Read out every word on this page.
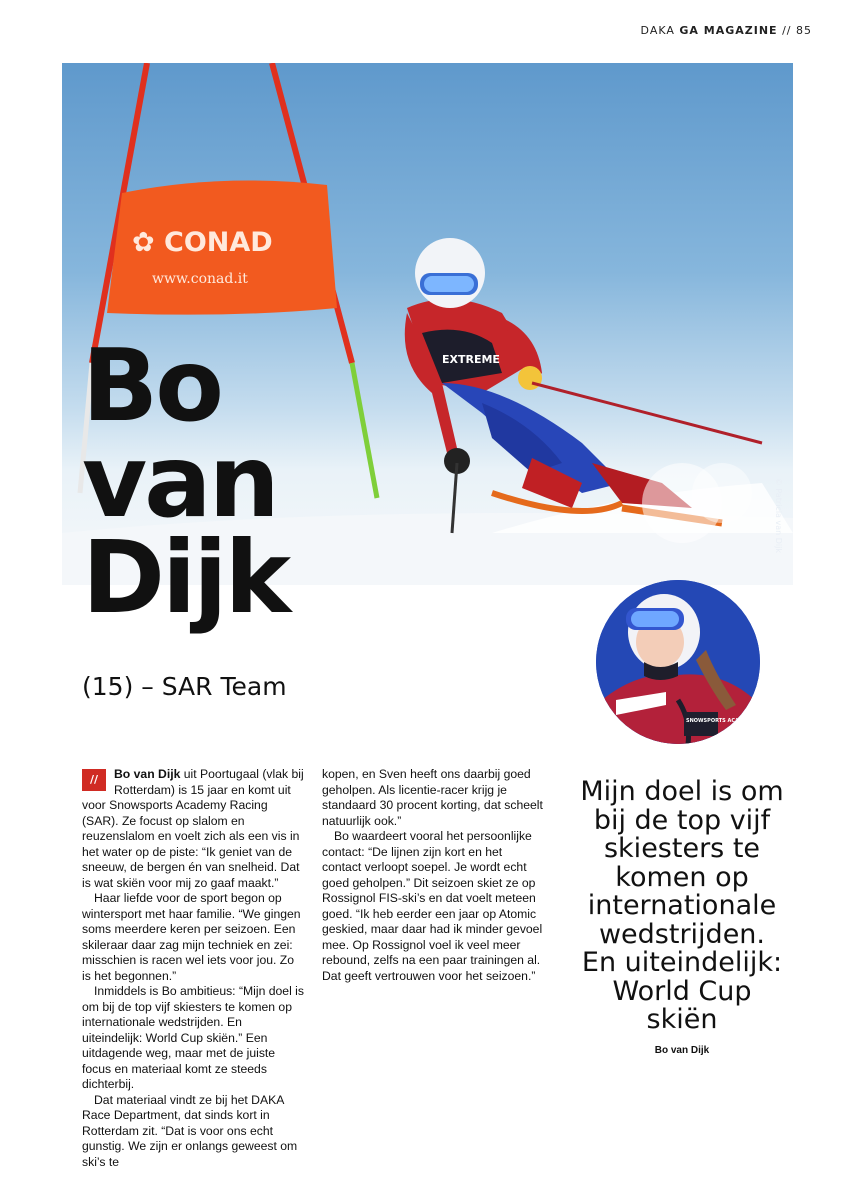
DAKA GA MAGAZINE // 85
✿ CONAD
www.conad.it
EXTREME
© Patricia van Dijk
Bo
van
Dijk
(15) – SAR Team
SNOWSPORTS ACADEMY

//	Bo van Dijk uit Poortugaal (vlak bij Rotterdam) is 15 jaar en komt uit voor Snowsports Academy Racing (SAR). Ze focust op slalom en reuzenslalom en voelt zich als een vis in het water op de piste: “Ik geniet van de sneeuw, de bergen én van snelheid. Dat is wat skiën voor mij zo gaaf maakt.”

Haar liefde voor de sport begon op wintersport met haar familie. “We gingen soms meerdere keren per seizoen. Een skileraar daar zag mijn techniek en zei: misschien is racen wel iets voor jou. Zo is het begonnen.”

Inmiddels is Bo ambitieus: “Mijn doel is om bij de top vijf skiesters te komen op internationale wedstrijden. En uiteindelijk: World Cup skiën.” Een uitdagende weg, maar met de juiste focus en materiaal komt ze steeds dichterbij.

Dat materiaal vindt ze bij het DAKA Race Department, dat sinds kort in Rotterdam zit. “Dat is voor ons echt gunstig. We zijn er onlangs geweest om ski’s te

kopen, en Sven heeft ons daarbij goed geholpen. Als licentie-racer krijg je standaard 30 procent korting, dat scheelt natuurlijk ook.”

Bo waardeert vooral het persoonlijke contact: “De lijnen zijn kort en het contact verloopt soepel. Je wordt echt goed geholpen.” Dit seizoen skiet ze op Rossignol FIS-ski’s en dat voelt meteen goed. “Ik heb eerder een jaar op Atomic geskied, maar daar had ik minder gevoel mee. Op Rossignol voel ik veel meer rebound, zelfs na een paar trainingen al. Dat geeft vertrouwen voor het seizoen.”

Mijn doel is om bij de top vijf skiesters te komen op internationale wedstrijden. En uiteindelijk: World Cup skiën
Bo van Dijk
